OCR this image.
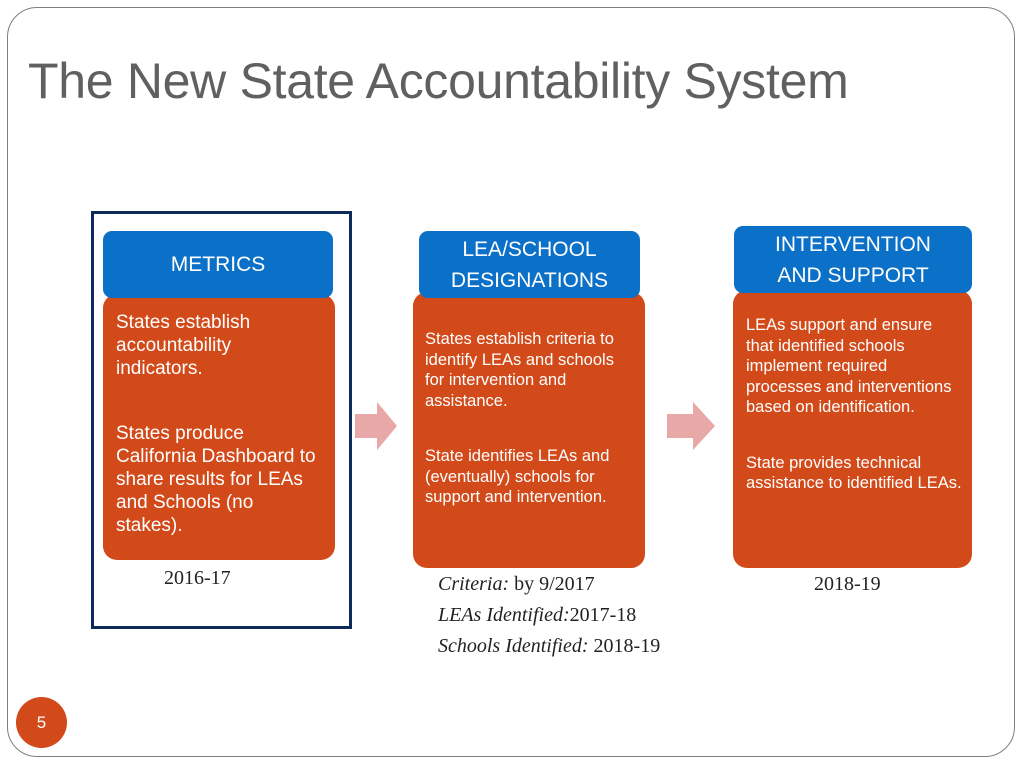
The New State Accountability System

States establish accountability indicators.

States produce California Dashboard to share results for LEAs and Schools (no stakes).

METRICS

States establish criteria to identify LEAs and schools for intervention and assistance.

State identifies LEAs and (eventually) schools for support and intervention.

LEA/SCHOOL
DESIGNATIONS

LEAs support and ensure that identified schools implement required processes and interventions based on identification.

State provides technical assistance to identified LEAs.

INTERVENTION
AND SUPPORT
2016-17	Criteria: by 9/2017
LEAs Identified:2017-18
Schools Identified: 2018-19
2018-19
5
